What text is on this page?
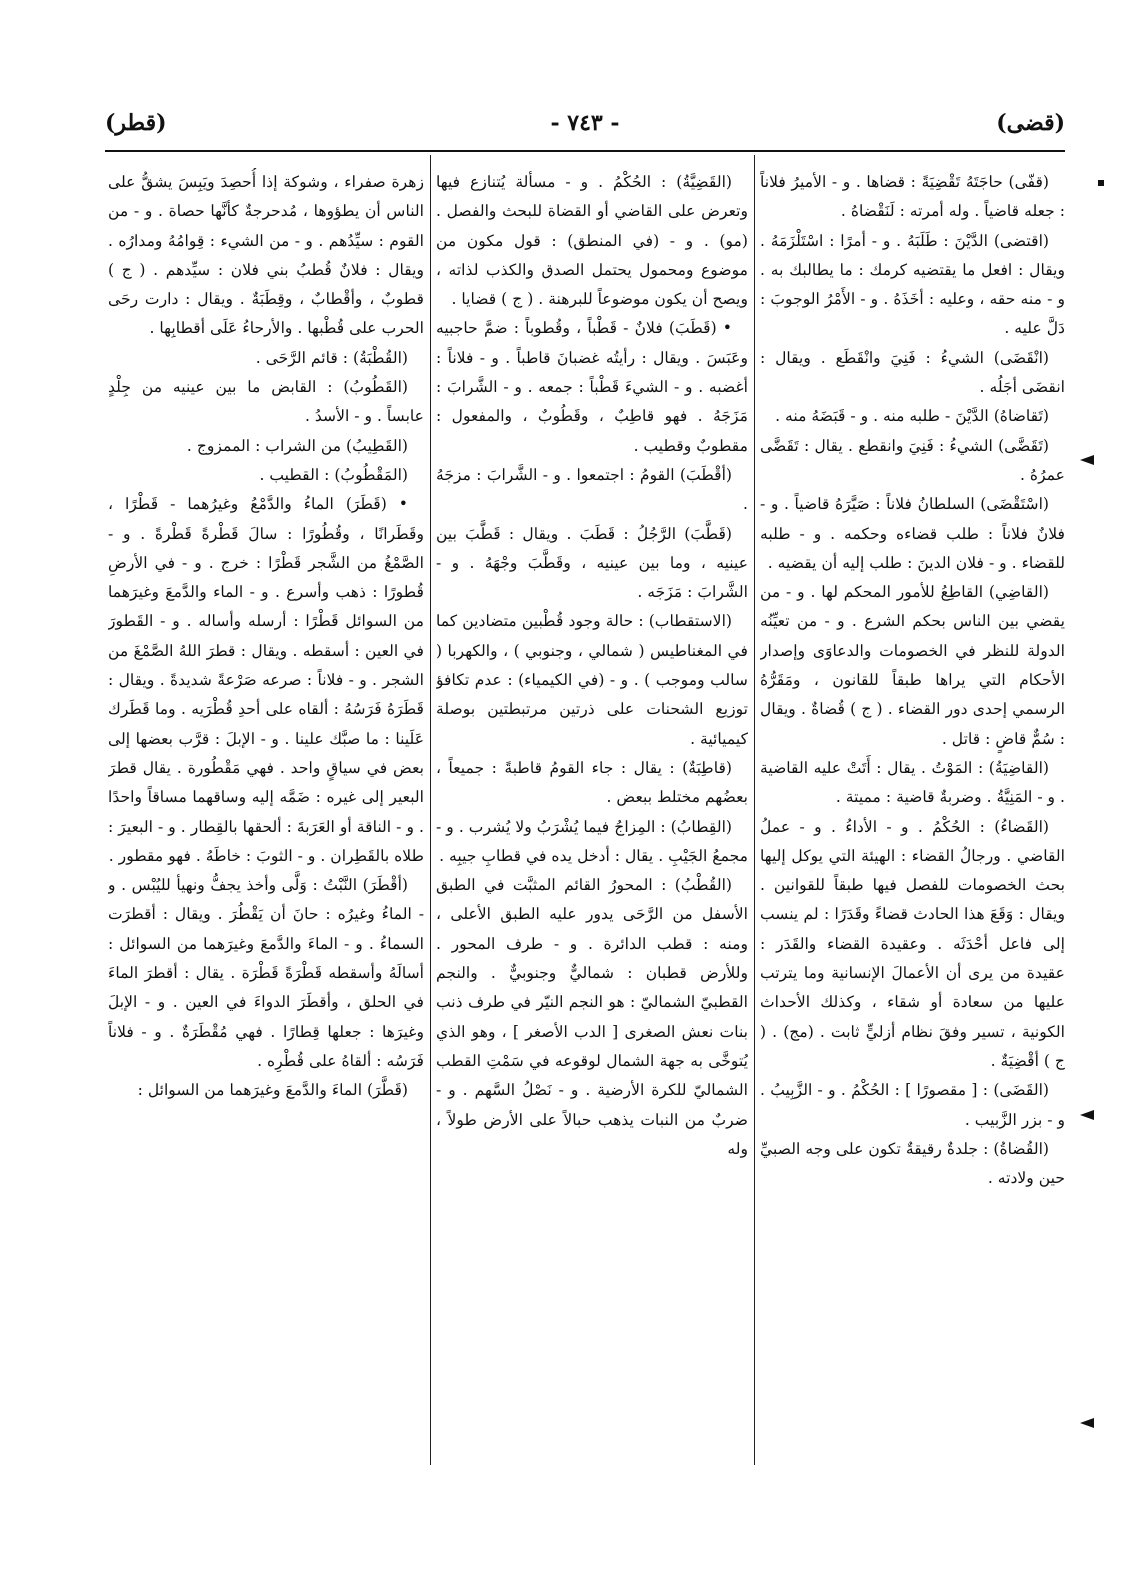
(قضى)
- ٧٤٣ -
(قطر)

(قفّى) حاجَتَهُ تَقْضِيَةً : قضاها . و - الأميرُ فلاناً : جعله قاضياً . وله أمرته : لَنَقْضاهُ .

(اقتضى) الدَّيْنَ : طَلَبَهُ . و - أمرًا : اسْتَلْزَمَهُ . ويقال : افعل ما يقتضيه كرمك : ما يطالبك به . و - منه حقه ، وعليه : أخَذَهُ . و - الأَمْرُ الوجوبَ : دَلَّ عليه .

(انْقَضَى) الشيءُ : فَنِيَ وانْقَطَع . ويقال : انقضَى أجَلُه .

(تَقاضاهُ) الدَّيْنَ - طلبه منه . و - قَبَضَهُ منه .

(تَقَضَّى) الشيءُ : فَنِيَ وانقطع . يقال : تَقَضَّى عمرُهُ .

(اسْتَقْضَى) السلطانُ فلاناً : صَيَّرَهُ قاضياً . و - فلانٌ فلاناً : طلب قضاءه وحكمه . و - طلبه للقضاء . و - فلان الدينَ : طلب إليه أن يقضيه .

(القاضِي) القاطِعُ للأمور المحكم لها . و - من يقضي بين الناس بحكم الشرع . و - من تعيِّنُه الدولة للنظر في الخصومات والدعاوَى وإصدار الأحكام التي يراها طبقاً للقانون ، ومَقَرُّهُ الرسمي إحدى دور القضاء . ( ج ) قُضاةٌ . ويقال : سُمٌّ قاضٍ : قاتل .

(القاضِيَةُ) : المَوْتُ . يقال : أَتَتْ عليه القاضية . و - المَنِيَّةُ . وضربةٌ قاضية : مميتة .

(القَضاءُ) : الحُكْمُ . و - الأداءُ . و - عملُ القاضي . ورجالُ القضاء : الهيئة التي يوكل إليها بحث الخصومات للفصل فيها طبقاً للقوانين . ويقال : وَقَعَ هذا الحادث قضاءً وقَدَرًا : لم ينسب إلى فاعل أحْدَثَه . وعقيدة القضاء والقَدَر : عقيدة من يرى أن الأعمالَ الإنسانية وما يترتب عليها من سعادة أو شقاء ، وكذلك الأحداث الكونية ، تسير وفقَ نظام أزليٍّ ثابت . (مج) . ( ج ) أقْضِيَةٌ .

(القَضَى) : [ مقصورًا ] : الحُكْمُ . و - الزَّبِيبُ . و - بزر الزَّبيب .

(القُضاةُ) : جلدةٌ رقيقةٌ تكون على وجه الصبيِّ حين ولادته .

(القَضِيَّةُ) : الحُكْمُ . و - مسألة يُتنازع فيها وتعرض على القاضي أو القضاة للبحث والفصل . (مو) . و - (في المنطق) : قول مكون من موضوع ومحمول يحتمل الصدق والكذب لذاته ، ويصح أن يكون موضوعاً للبرهنة . ( ج ) قضايا .

• (قَطَبَ) فلانٌ - قَطْباً ، وقُطوباً : ضمَّ حاجبيه وعَبَسَ . ويقال : رأيتُه غضبانَ قاطباً . و - فلاناً : أغضبه . و - الشيءَ قَطْباً : جمعه . و - الشَّرابَ : مَزَجَهُ . فهو قاطِبٌ ، وقَطُوبٌ ، والمفعول : مقطوبٌ وقطيب .

(أقْطَبَ) القومُ : اجتمعوا . و - الشَّرابَ : مزجَهُ .

(قَطَّبَ) الرَّجُلُ : قَطَبَ . ويقال : قَطَّبَ بين عينيه ، وما بين عينيه ، وقَطَّبَ وجْهَهُ . و - الشَّرابَ : مَزَجَه .

(الاستقطاب) : حالة وجود قُطْبين متضادين كما في المغناطيس ( شمالي ، وجنوبي ) ، والكهربا ( سالب وموجب ) . و - (في الكيمياء) : عدم تكافؤ توزيع الشحنات على ذرتين مرتبطتين بوصلة كيميائية .

(قاطِبَةٌ) : يقال : جاء القومُ قاطبةً : جميعاً ، بعضُهم مختلط ببعض .

(القِطابُ) : المِزاجُ فيما يُشْرَبُ ولا يُشرب . و - مجمعُ الجَيْبِ . يقال : أدخل يده في قطابِ جيبِه .

(القُطْبُ) : المحورُ القائم المثبَّت في الطبق الأسفل من الرَّحَى يدور عليه الطبق الأعلى ، ومنه : قطب الدائرة . و - طرف المحور . وللأرض قطبان : شماليٌّ وجنوبيٌّ . والنجم القطبيّ الشماليّ : هو النجم النيّر في طرف ذنب بنات نعش الصغرى [ الدب الأصغر ] ، وهو الذي يُتوخَّى به جهة الشمال لوقوعه في سَمْتِ القطب الشماليّ للكرة الأرضية . و - نَصْلُ السَّهم . و - ضربٌ من النبات يذهب حبالاً على الأرض طولاً ، وله

زهرة صفراء ، وشوكة إذا أُحصِدَ ويَبِسَ يشقُّ على الناس أن يطؤوها ، مُدحرجةٌ كأنَّها حصاة . و - من القوم : سيِّدُهم . و - من الشيء : قِوامُهُ ومدارُه . ويقال : فلانٌ قُطبُ بني فلان : سيِّدهم . ( ج ) قطوبٌ ، وأقْطابٌ ، وقِطَبَةٌ . ويقال : دارت رحَى الحرب على قُطْبها . والأرحاءُ عَلَى أقطابِها .

(القُطْبَةُ) : قائم الرَّحَى .

(القَطُوبُ) : القابض ما بين عينيه من جِلْدٍ عابساً . و - الأسدُ .

(القَطِيبُ) من الشراب : الممزوج .

(المَقْطُوبُ) : القطيب .

• (قَطَرَ) الماءُ والدَّمْعُ وغيرُهما - قَطْرًا ، وقَطَرانًا ، وقُطُورًا : سالَ قَطْرةً قَطْرةً . و - الصَّمْغُ من الشَّجر قَطْرًا : خرج . و - في الأرضِ قُطورًا : ذهب وأسرع . و - الماء والدَّمعَ وغيرَهما من السوائل قَطْرًا : أرسله وأساله . و - القَطورَ في العين : أسقطه . ويقال : قطرَ اللهُ الصَّمْغَ من الشجر . و - فلاناً : صرعه صَرْعةً شديدةً . ويقال : قَطَرَهُ فَرَسُهُ : ألقاه على أحدِ قُطْرَيه . وما قَطَرك عَلَينا : ما صبَّك علينا . و - الإبلَ : قرَّب بعضها إلى بعض في سياقٍ واحد . فهي مَقْطُورة . يقال قطرَ البعير إلى غيره : ضَمَّه إليه وساقهما مساقاً واحدًا . و - الناقة أو العَرَبةَ : ألحقها بالقِطار . و - البعيرَ : طلاه بالقَطِران . و - الثوبَ : خاطَهُ . فهو مقطور .

(أقْطَرَ) النَّبْتُ : وَلَّى وأخذ يجفُّ ونهيأ لليُبْس . و - الماءُ وغيرُه : حانَ أن يَقْطُرَ . ويقال : أقطرَت السماءُ . و - الماءَ والدَّمعَ وغيرَهما من السوائل : أسالَهُ وأسقطه قَطْرَةً قَطْرَة . يقال : أقطرَ الماءَ في الحلق ، وأقطَرَ الدواءَ في العين . و - الإبلَ وغيرَها : جعلها قِطارًا . فهي مُقْطَرَةٌ . و - فلاناً فَرَسُه : ألقاهُ على قُطْرِه .

(قَطَّرَ) الماءَ والدَّمعَ وغيرَهما من السوائل :
